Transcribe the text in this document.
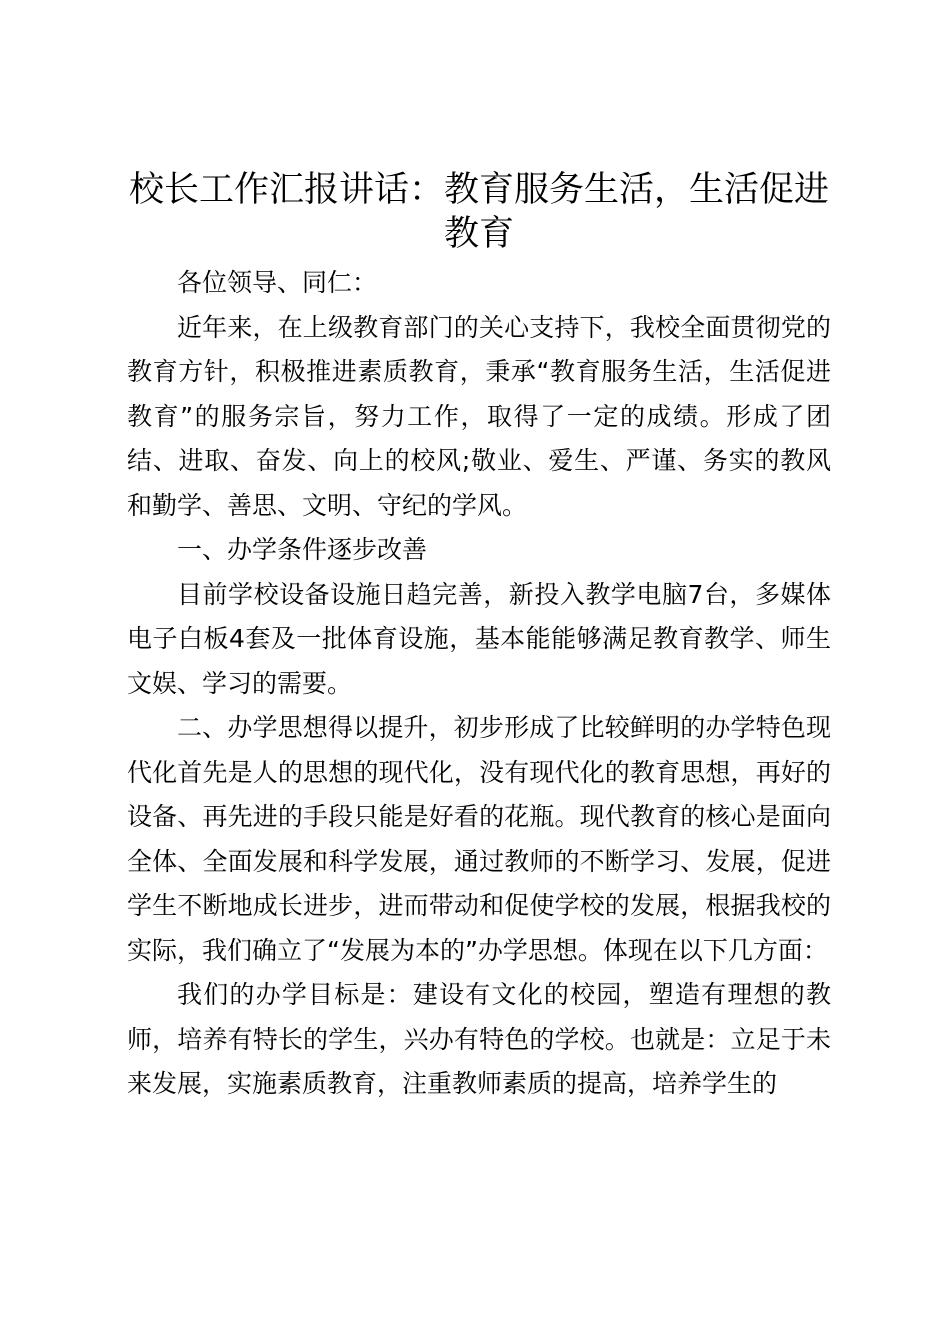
校长工作汇报讲话：教育服务生活，生活促进教育

各位领导、同仁：

近年来，在上级教育部门的关心支持下，我校全面贯彻党的教育方针，积极推进素质教育，秉承“教育服务生活，生活促进教育”的服务宗旨，努力工作，取得了一定的成绩。形成了团结、进取、奋发、向上的校风;敬业、爱生、严谨、务实的教风和勤学、善思、文明、守纪的学风。

一、办学条件逐步改善

目前学校设备设施日趋完善，新投入教学电脑7台，多媒体电子白板4套及一批体育设施，基本能能够满足教育教学、师生文娱、学习的需要。

二、办学思想得以提升，初步形成了比较鲜明的办学特色现代化首先是人的思想的现代化，没有现代化的教育思想，再好的设备、再先进的手段只能是好看的花瓶。现代教育的核心是面向全体、全面发展和科学发展，通过教师的不断学习、发展，促进学生不断地成长进步，进而带动和促使学校的发展，根据我校的实际，我们确立了“发展为本的”办学思想。体现在以下几方面：

我们的办学目标是：建设有文化的校园，塑造有理想的教师，培养有特长的学生，兴办有特色的学校。也就是：立足于未来发展，实施素质教育，注重教师素质的提高，培养学生的
